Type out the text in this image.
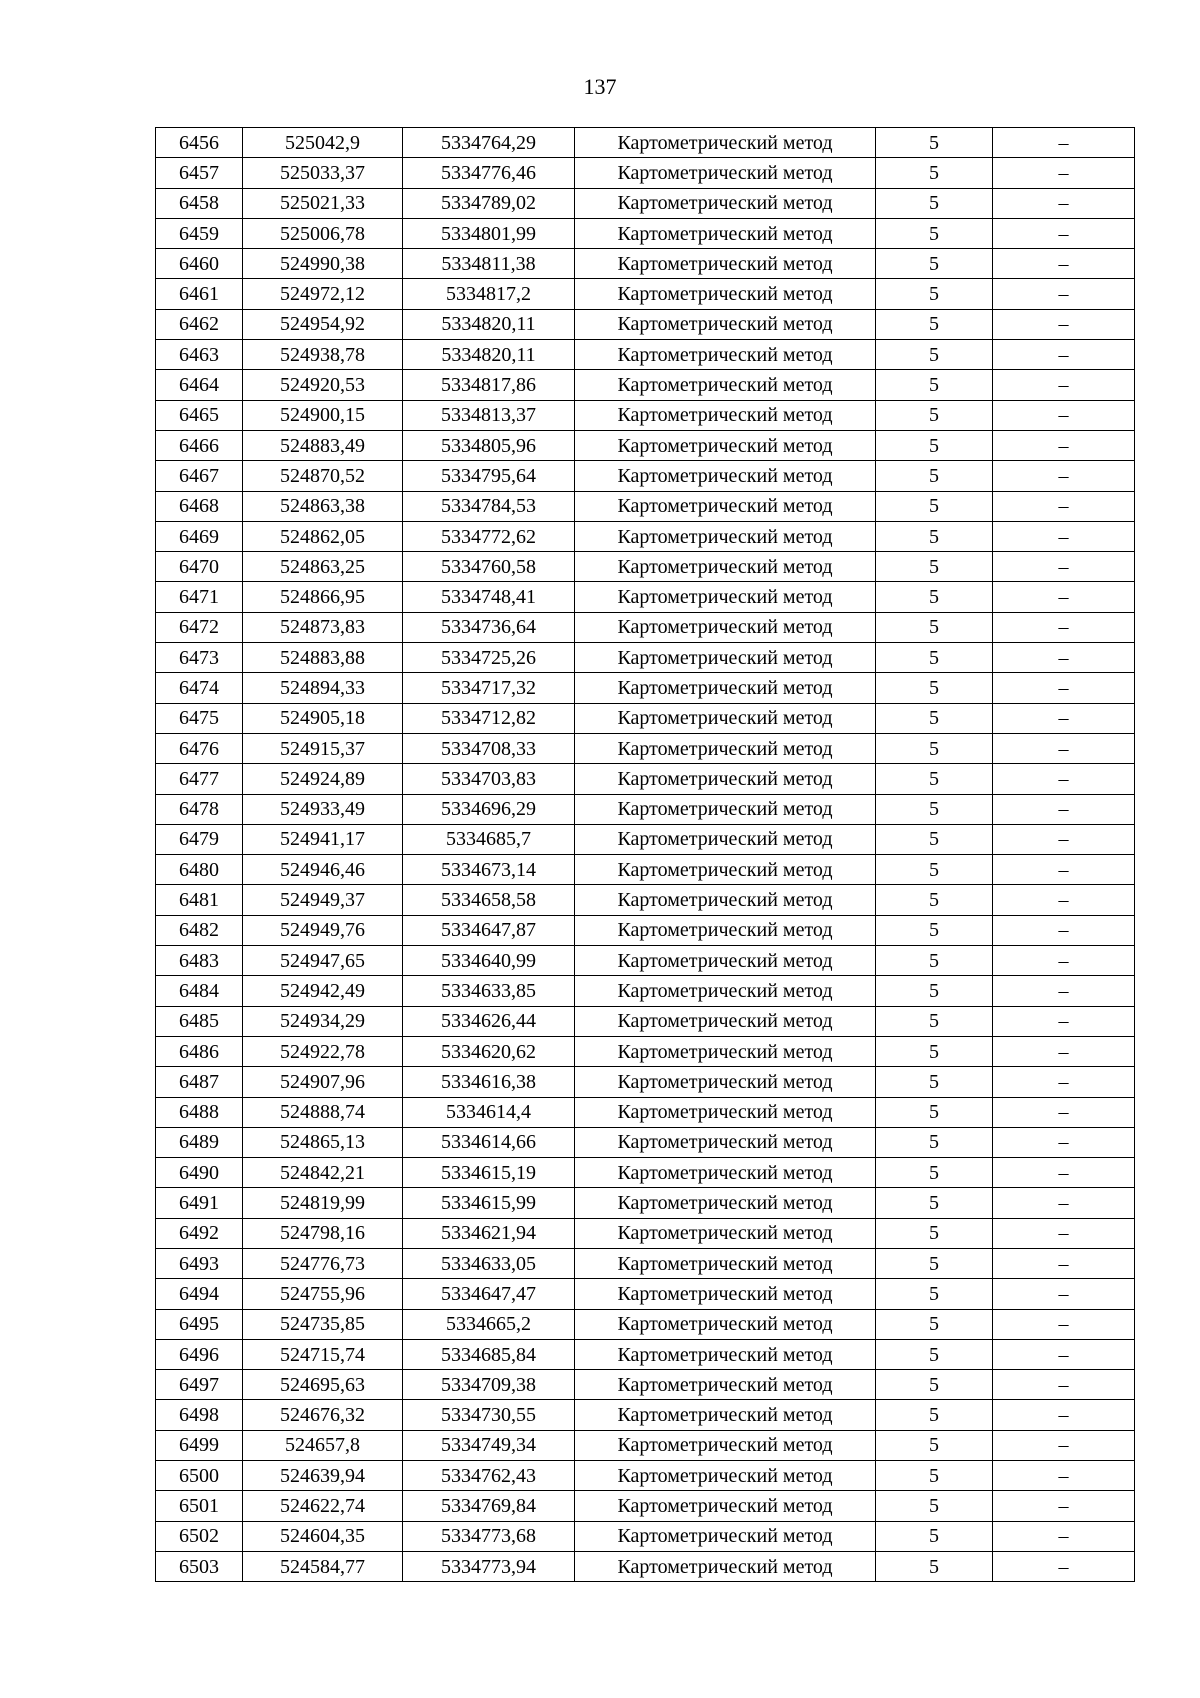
137
6456	525042,9	5334764,29	Картометрический метод	5	–
6457	525033,37	5334776,46	Картометрический метод	5	–
6458	525021,33	5334789,02	Картометрический метод	5	–
6459	525006,78	5334801,99	Картометрический метод	5	–
6460	524990,38	5334811,38	Картометрический метод	5	–
6461	524972,12	5334817,2	Картометрический метод	5	–
6462	524954,92	5334820,11	Картометрический метод	5	–
6463	524938,78	5334820,11	Картометрический метод	5	–
6464	524920,53	5334817,86	Картометрический метод	5	–
6465	524900,15	5334813,37	Картометрический метод	5	–
6466	524883,49	5334805,96	Картометрический метод	5	–
6467	524870,52	5334795,64	Картометрический метод	5	–
6468	524863,38	5334784,53	Картометрический метод	5	–
6469	524862,05	5334772,62	Картометрический метод	5	–
6470	524863,25	5334760,58	Картометрический метод	5	–
6471	524866,95	5334748,41	Картометрический метод	5	–
6472	524873,83	5334736,64	Картометрический метод	5	–
6473	524883,88	5334725,26	Картометрический метод	5	–
6474	524894,33	5334717,32	Картометрический метод	5	–
6475	524905,18	5334712,82	Картометрический метод	5	–
6476	524915,37	5334708,33	Картометрический метод	5	–
6477	524924,89	5334703,83	Картометрический метод	5	–
6478	524933,49	5334696,29	Картометрический метод	5	–
6479	524941,17	5334685,7	Картометрический метод	5	–
6480	524946,46	5334673,14	Картометрический метод	5	–
6481	524949,37	5334658,58	Картометрический метод	5	–
6482	524949,76	5334647,87	Картометрический метод	5	–
6483	524947,65	5334640,99	Картометрический метод	5	–
6484	524942,49	5334633,85	Картометрический метод	5	–
6485	524934,29	5334626,44	Картометрический метод	5	–
6486	524922,78	5334620,62	Картометрический метод	5	–
6487	524907,96	5334616,38	Картометрический метод	5	–
6488	524888,74	5334614,4	Картометрический метод	5	–
6489	524865,13	5334614,66	Картометрический метод	5	–
6490	524842,21	5334615,19	Картометрический метод	5	–
6491	524819,99	5334615,99	Картометрический метод	5	–
6492	524798,16	5334621,94	Картометрический метод	5	–
6493	524776,73	5334633,05	Картометрический метод	5	–
6494	524755,96	5334647,47	Картометрический метод	5	–
6495	524735,85	5334665,2	Картометрический метод	5	–
6496	524715,74	5334685,84	Картометрический метод	5	–
6497	524695,63	5334709,38	Картометрический метод	5	–
6498	524676,32	5334730,55	Картометрический метод	5	–
6499	524657,8	5334749,34	Картометрический метод	5	–
6500	524639,94	5334762,43	Картометрический метод	5	–
6501	524622,74	5334769,84	Картометрический метод	5	–
6502	524604,35	5334773,68	Картометрический метод	5	–
6503	524584,77	5334773,94	Картометрический метод	5	–
